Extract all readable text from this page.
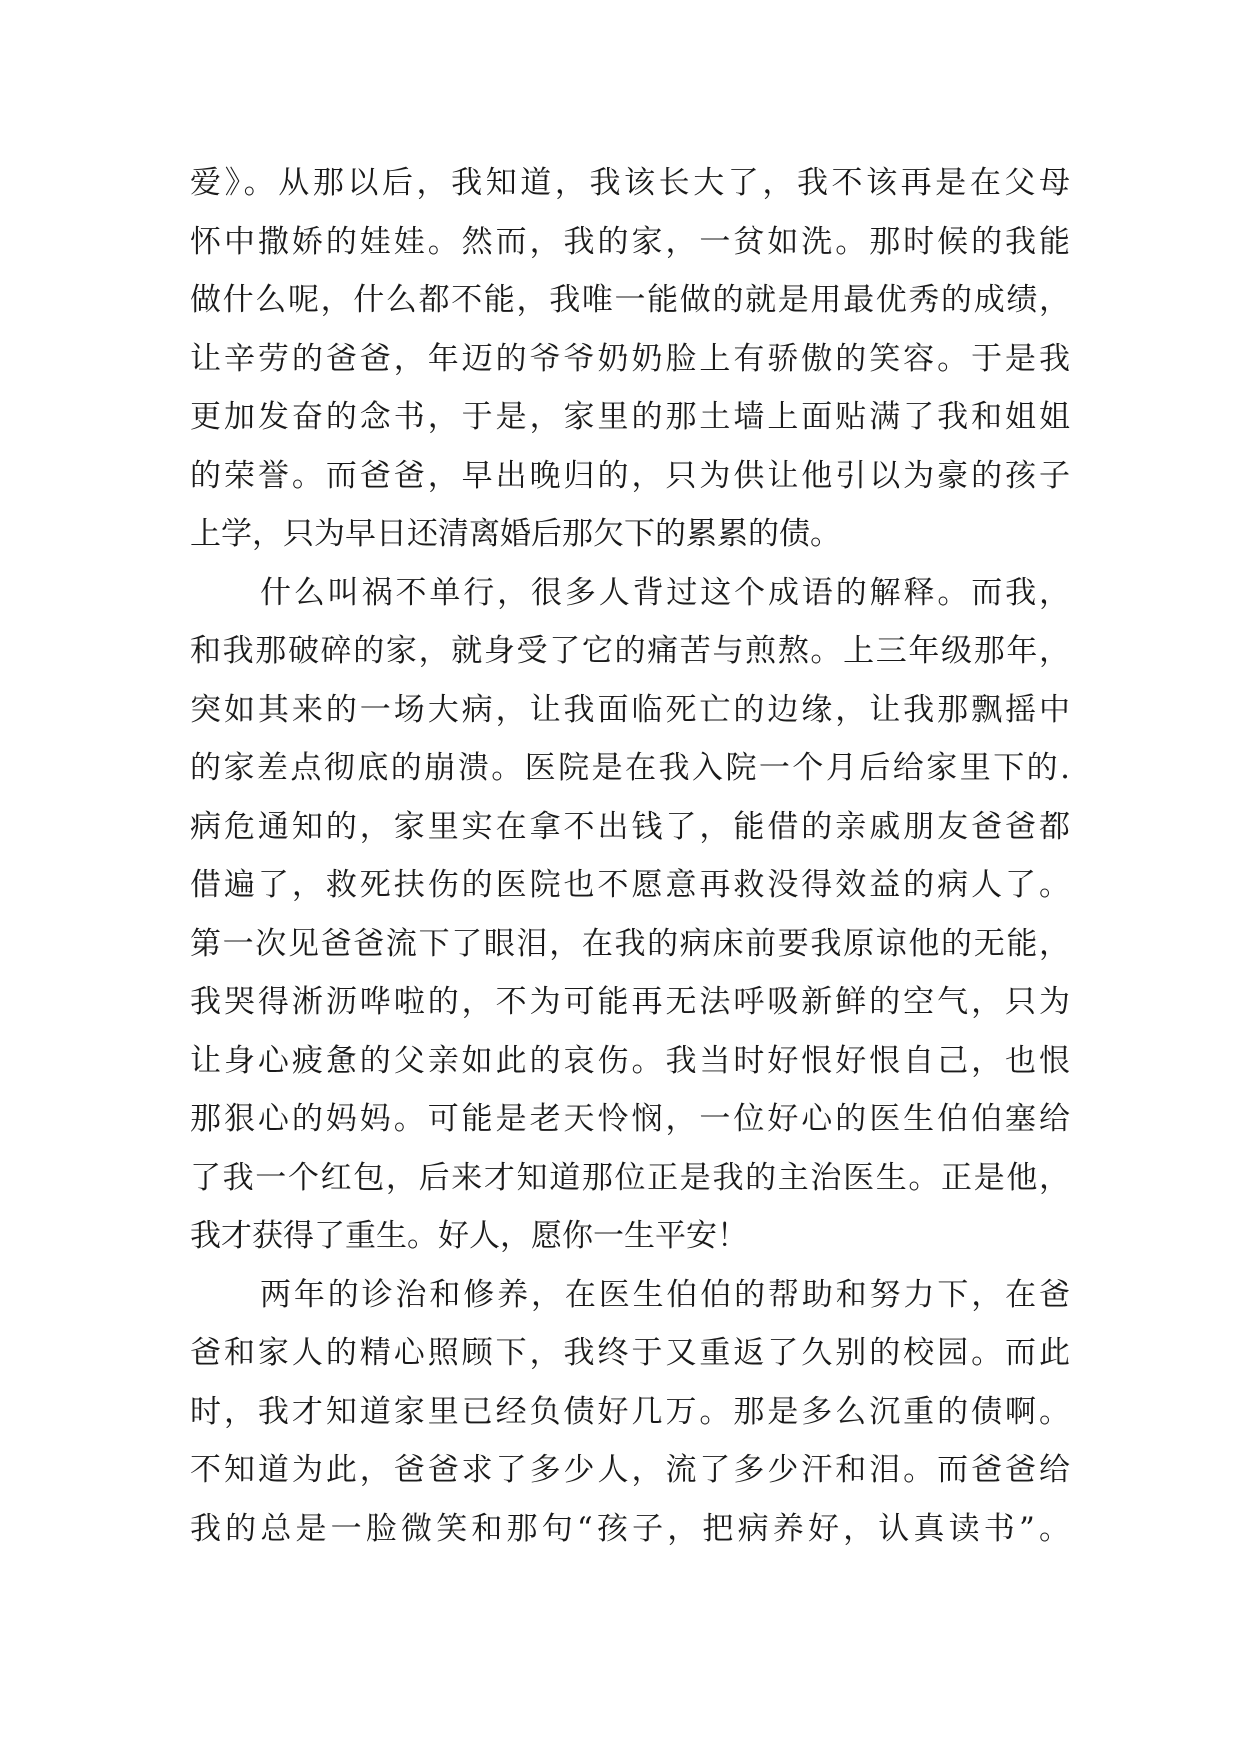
爱》。从那以后，我知道，我该长大了，我不该再是在父母
怀中撒娇的娃娃。然而，我的家，一贫如洗。那时候的我能
做什么呢，什么都不能，我唯一能做的就是用最优秀的成绩，
让辛劳的爸爸，年迈的爷爷奶奶脸上有骄傲的笑容。于是我
更加发奋的念书，于是，家里的那土墙上面贴满了我和姐姐
的荣誉。而爸爸，早出晚归的，只为供让他引以为豪的孩子
上学，只为早日还清离婚后那欠下的累累的债。
什么叫祸不单行，很多人背过这个成语的解释。而我，
和我那破碎的家，就身受了它的痛苦与煎熬。上三年级那年，
突如其来的一场大病，让我面临死亡的边缘，让我那飘摇中
的家差点彻底的崩溃。医院是在我入院一个月后给家里下的.
病危通知的，家里实在拿不出钱了，能借的亲戚朋友爸爸都
借遍了，救死扶伤的医院也不愿意再救没得效益的病人了。
第一次见爸爸流下了眼泪，在我的病床前要我原谅他的无能，
我哭得淅沥哗啦的，不为可能再无法呼吸新鲜的空气，只为
让身心疲惫的父亲如此的哀伤。我当时好恨好恨自己，也恨
那狠心的妈妈。可能是老天怜悯，一位好心的医生伯伯塞给
了我一个红包，后来才知道那位正是我的主治医生。正是他，
我才获得了重生。好人，愿你一生平安！
两年的诊治和修养，在医生伯伯的帮助和努力下，在爸
爸和家人的精心照顾下，我终于又重返了久别的校园。而此
时，我才知道家里已经负债好几万。那是多么沉重的债啊。
不知道为此，爸爸求了多少人，流了多少汗和泪。而爸爸给
我的总是一脸微笑和那句“孩子，把病养好，认真读书”。
